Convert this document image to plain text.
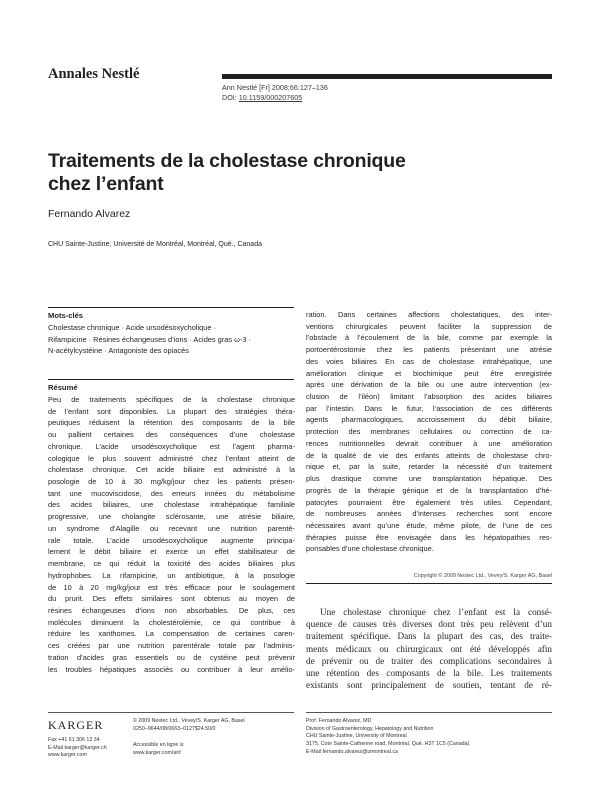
Annales Nestlé
Ann Nestlé [Fr] 2008;66:127–136
DOI: 10.1159/000207605
Traitements de la cholestase chronique
chez l’enfant
Fernando Alvarez
CHU Sainte-Justine, Université de Montréal, Montréal, Qué., Canada
Mots-clés
Cholestase chronique · Acide ursodésoxycholique ·
Rifampicine · Résines échangeuses d’ions · Acides gras ω-3 ·
N-acétylcystéine · Antagoniste des opiacés
Résumé
Peu de traitements spécifiques de la cholestase chronique
de l’enfant sont disponibles. La plupart des stratégies théra-
peutiques réduisent la rétention des composants de la bile
ou pallient certaines des conséquences d’une cholestase
chronique. L’acide ursodésoxycholique est l’agent pharma-
cologique le plus souvent administré chez l’enfant atteint de
cholestase chronique. Cet acide biliaire est administré à la
posologie de 10 à 30 mg/kg/jour chez les patients présen-
tant une mucoviscidose, des erreurs innées du métabolisme
des acides biliaires, une cholestase intrahépatique familiale
progressive, une cholangite sclérosante, une atrésie biliaire,
un syndrome d’Alagille ou recevant une nutrition parenté-
rale totale. L’acide ursodésoxycholique augmente principa-
lement le débit biliaire et exerce un effet stabilisateur de
membrane, ce qui réduit la toxicité des acides biliaires plus
hydrophobes. La rifampicine, un antibiotique, à la posologie
de 10 à 20 mg/kg/jour est très efficace pour le soulagement
du prurit. Des effets similaires sont obtenus au moyen de
résines échangeuses d’ions non absorbables. De plus, ces
molécules diminuent la cholestérolémie, ce qui contribue à
réduire les xanthomes. La compensation de certaines caren-
ces créées par une nutrition parentérale totale par l’adminis-
tration d’acides gras essentiels ou de cystéine peut prévenir
les troubles hépatiques associés ou contribuer à leur amélio-
ration. Dans certaines affections cholestatiques, des inter-
ventions chirurgicales peuvent faciliter la suppression de
l’obstacle à l’écoulement de la bile, comme par exemple la
portoentérostomie chez les patients présentant une atrésie
des voies biliaires En cas de cholestase intrahépatique, une
amélioration clinique et biochimique peut être enregistrée
après une dérivation de la bile ou une autre intervention (ex-
clusion de l’iléon) limitant l’absorption des acides biliaires
par l’intestin. Dans le futur, l’association de ces différents
agents pharmacologiques, accroissement du débit biliaire,
protection des membranes cellulaires ou correction de ca-
rences nutritionnelles devrait contribuer à une amélioration
de la qualité de vie des enfants atteints de cholestase chro-
nique et, par la suite, retarder la nécessité d’un traitement
plus drastique comme une transplantation hépatique. Des
progrès de la thérapie génique et de la transplantation d’hé-
patocytes pourraient être également très utiles. Cependant,
de nombreuses années d’intenses recherches sont encore
nécessaires avant qu’une étude, même pilote, de l’une de ces
thérapies puisse être envisagée dans les hépatopathies res-
ponsables d’une cholestase chronique.
Copyright © 2009 Nestec Ltd., Vevey/S. Karger AG, Basel
Une cholestase chronique chez l’enfant est la consé-
quence de causes très diverses dont très peu relèvent d’un
traitement spécifique. Dans la plupart des cas, des traite-
ments médicaux ou chirurgicaux ont été développés afin
de prévenir ou de traiter des complications secondaires à
une rétention des composants de la bile. Les traitements
existants sont principalement de soutien, tentant de ré-
KARGER
Fax +41 61 306 12 34
E-Mail karger@karger.ch
www.karger.com
© 2009 Nestec Ltd., Vevey/S. Karger AG, Basel
0250–9644/08/0663–0127$24.50/0
Accessible en ligne à:
www.karger.com/anf
Prof. Fernando Alvarez, MD
Division of Gastroenterology, Hepatology and Nutrition
CHU Sainte-Justine, University of Montreal
3175, Cote Sainte-Catherine road, Montréal, Qué. H3T 1C5 (Canada)
E-Mail fernando.alvarez@umontreal.ca
